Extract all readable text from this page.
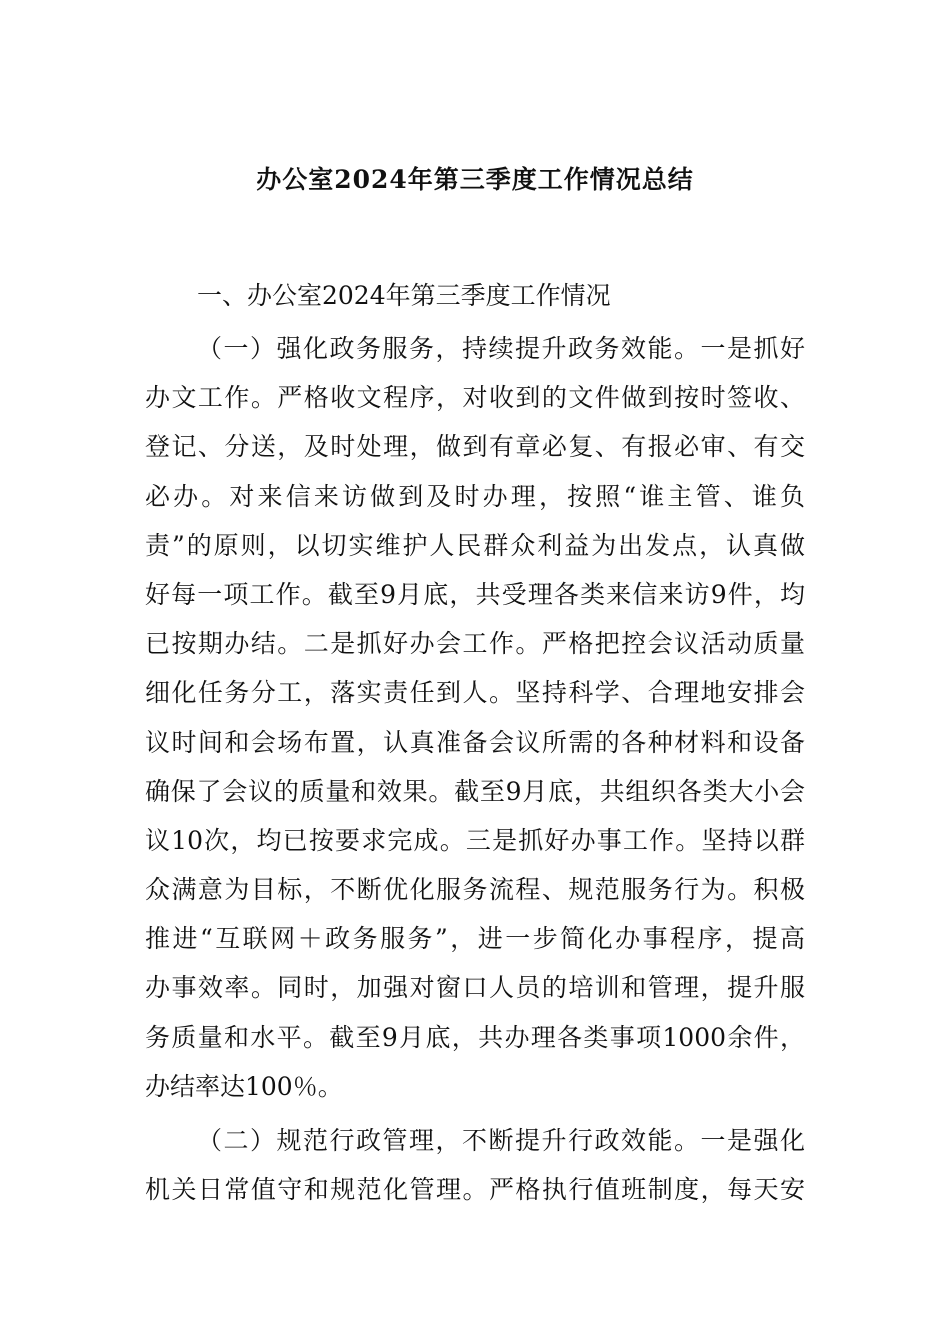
办公室2024年第三季度工作情况总结
一、办公室2024年第三季度工作情况
（一）强化政务服务，持续提升政务效能。一是抓好
办文工作。严格收文程序，对收到的文件做到按时签收、
登记、分送，及时处理，做到有章必复、有报必审、有交
必办。对来信来访做到及时办理，按照“谁主管、谁负
责”的原则，以切实维护人民群众利益为出发点，认真做
好每一项工作。截至9月底，共受理各类来信来访9件，均
已按期办结。二是抓好办会工作。严格把控会议活动质量
细化任务分工，落实责任到人。坚持科学、合理地安排会
议时间和会场布置，认真准备会议所需的各种材料和设备
确保了会议的质量和效果。截至9月底，共组织各类大小会
议10次，均已按要求完成。三是抓好办事工作。坚持以群
众满意为目标，不断优化服务流程、规范服务行为。积极
推进“互联网＋政务服务”，进一步简化办事程序，提高
办事效率。同时，加强对窗口人员的培训和管理，提升服
务质量和水平。截至9月底，共办理各类事项1000余件，
办结率达100％。
（二）规范行政管理，不断提升行政效能。一是强化
机关日常值守和规范化管理。严格执行值班制度，每天安
